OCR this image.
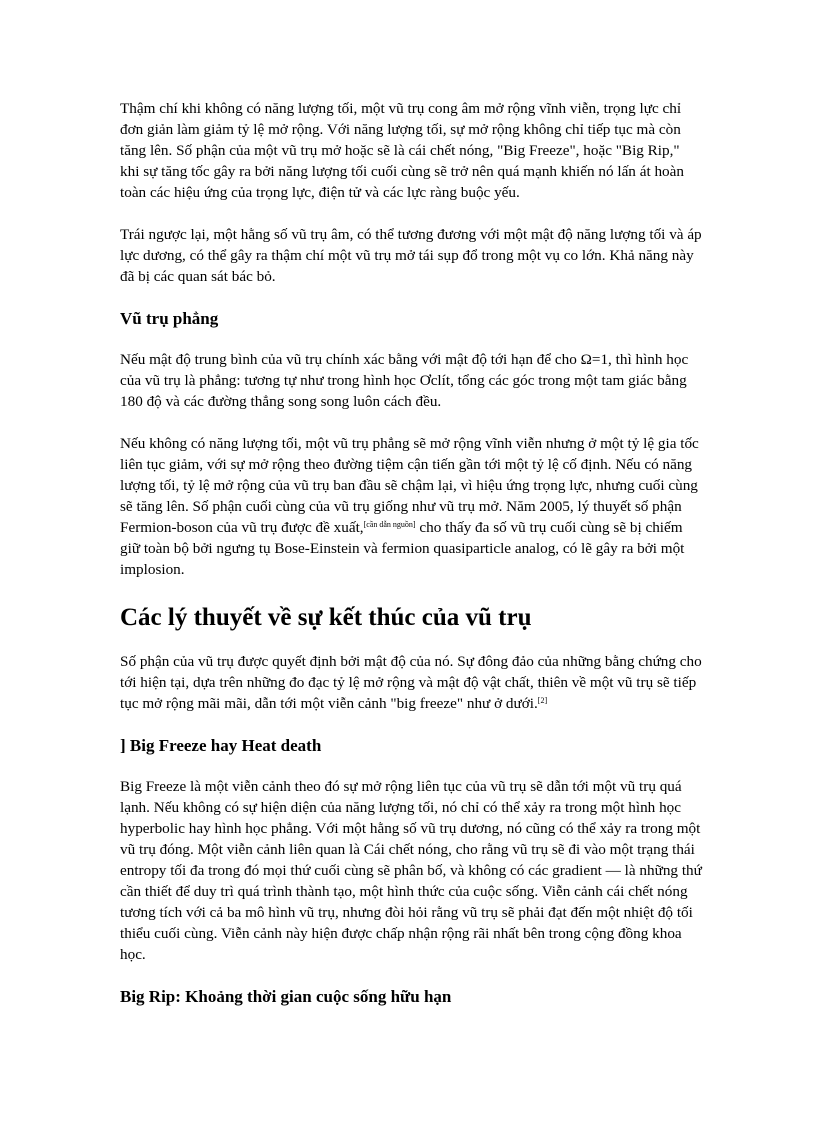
Thậm chí khi không có năng lượng tối, một vũ trụ cong âm mở rộng vĩnh viễn, trọng lực chỉ đơn giản làm giảm tỷ lệ mở rộng. Với năng lượng tối, sự mở rộng không chỉ tiếp tục mà còn tăng lên. Số phận của một vũ trụ mở hoặc sẽ là cái chết nóng, "Big Freeze", hoặc "Big Rip," khi sự tăng tốc gây ra bởi năng lượng tối cuối cùng sẽ trở nên quá mạnh khiến nó lấn át hoàn toàn các hiệu ứng của trọng lực, điện tử và các lực ràng buộc yếu.

Trái ngược lại, một hằng số vũ trụ âm, có thể tương đương với một mật độ năng lượng tối và áp lực dương, có thể gây ra thậm chí một vũ trụ mở tái sụp đổ trong một vụ co lớn. Khả năng này đã bị các quan sát bác bỏ.

Vũ trụ phẳng

Nếu mật độ trung bình của vũ trụ chính xác bằng với mật độ tới hạn để cho Ω=1, thì hình học của vũ trụ là phẳng: tương tự như trong hình học Ơclít, tổng các góc trong một tam giác bằng 180 độ và các đường thẳng song song luôn cách đều.

Nếu không có năng lượng tối, một vũ trụ phẳng sẽ mở rộng vĩnh viễn nhưng ở một tỷ lệ gia tốc liên tục giảm, với sự mở rộng theo đường tiệm cận tiến gần tới một tỷ lệ cố định. Nếu có năng lượng tối, tỷ lệ mở rộng của vũ trụ ban đầu sẽ chậm lại, vì hiệu ứng trọng lực, nhưng cuối cùng sẽ tăng lên. Số phận cuối cùng của vũ trụ giống như vũ trụ mở. Năm 2005, lý thuyết số phận Fermion-boson của vũ trụ được đề xuất,[cần dẫn nguồn] cho thấy đa số vũ trụ cuối cùng sẽ bị chiếm giữ toàn bộ bởi ngưng tụ Bose-Einstein và fermion quasiparticle analog, có lẽ gây ra bởi một implosion.

Các lý thuyết về sự kết thúc của vũ trụ

Số phận của vũ trụ được quyết định bởi mật độ của nó. Sự đông đảo của những bằng chứng cho tới hiện tại, dựa trên những đo đạc tỷ lệ mở rộng và mật độ vật chất, thiên về một vũ trụ sẽ tiếp tục mở rộng mãi mãi, dẫn tới một viễn cảnh "big freeze" như ở dưới.[2]

] Big Freeze hay Heat death

Big Freeze là một viễn cảnh theo đó sự mở rộng liên tục của vũ trụ sẽ dẫn tới một vũ trụ quá lạnh. Nếu không có sự hiện diện của năng lượng tối, nó chỉ có thể xảy ra trong một hình học hyperbolic hay hình học phẳng. Với một hằng số vũ trụ dương, nó cũng có thể xảy ra trong một vũ trụ đóng. Một viễn cảnh liên quan là Cái chết nóng, cho rằng vũ trụ sẽ đi vào một trạng thái entropy tối đa trong đó mọi thứ cuối cùng sẽ phân bố, và không có các gradient — là những thứ cần thiết để duy trì quá trình thành tạo, một hình thức của cuộc sống. Viễn cảnh cái chết nóng tương tích với cả ba mô hình vũ trụ, nhưng đòi hỏi rằng vũ trụ sẽ phải đạt đến một nhiệt độ tối thiểu cuối cùng. Viễn cảnh này hiện được chấp nhận rộng rãi nhất bên trong cộng đồng khoa học.

Big Rip: Khoảng thời gian cuộc sống hữu hạn
